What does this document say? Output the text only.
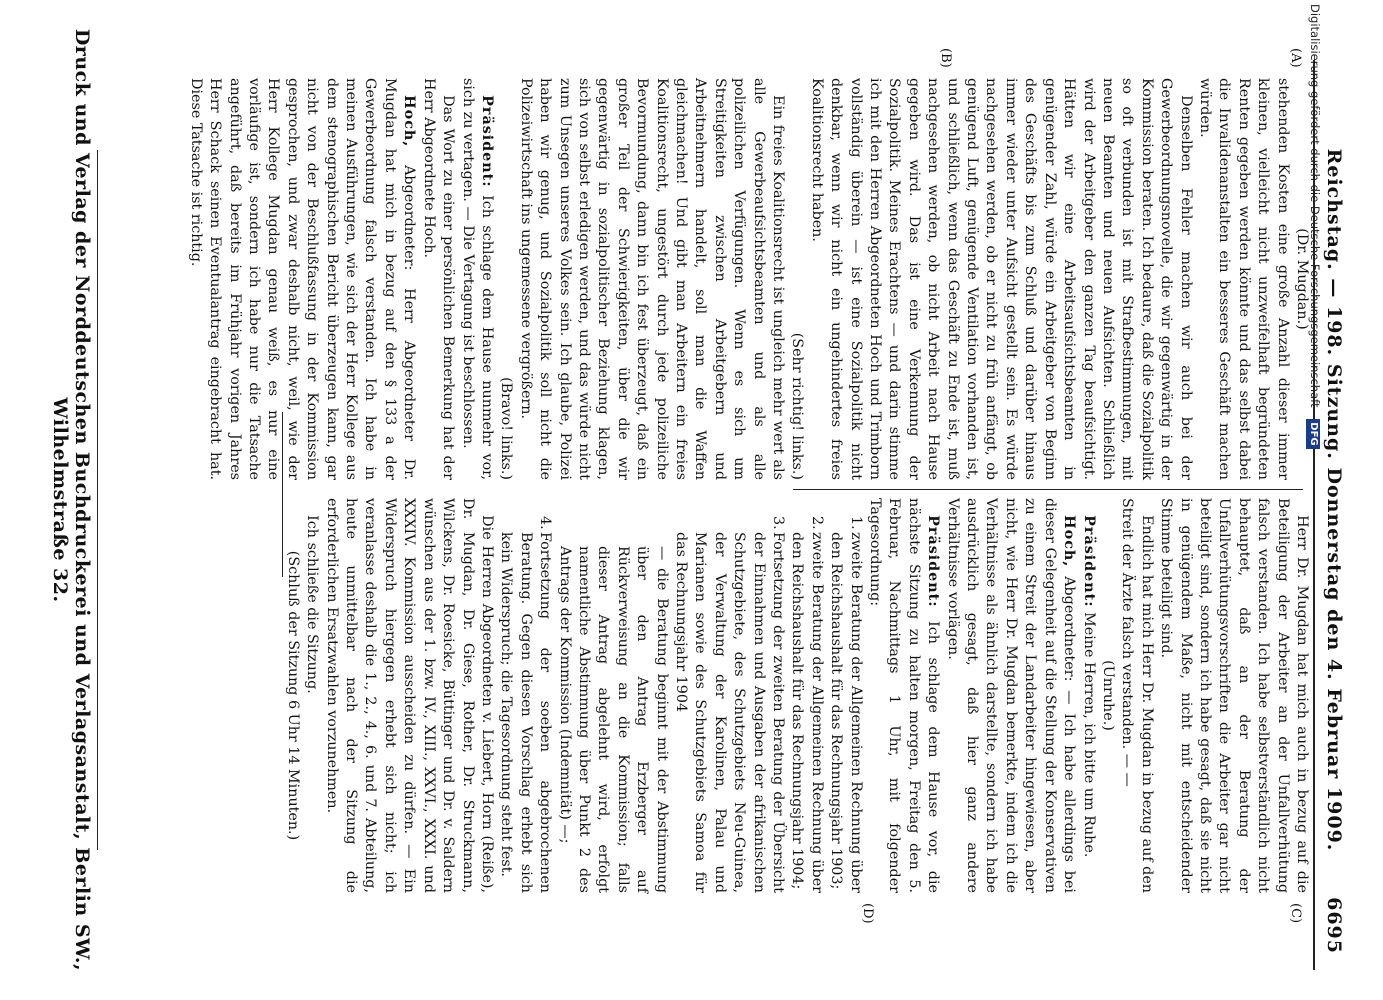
Reichstag. — 198. Sitzung. Donnerstag den 4. Februar 1909.
6695
(A)
(B)
(C)
(D)

(Dr. Mugdan.)

stehenden Kosten eine große Anzahl dieser immer kleinen, vielleicht nicht unzweifelhaft begründeten Renten gegeben werden könnte und das selbst dabei die Invalidenanstalten ein besseres Geschäft machen würden.

Denselben Fehler machen wir auch bei der Gewerbeordnungsnovelle, die wir gegenwärtig in der Kommission beraten. Ich bedaure, daß die Sozialpolitik so oft verbunden ist mit Strafbestimmungen, mit neuen Beamten und neuen Aufsichten. Schließlich wird der Arbeitgeber den ganzen Tag beaufsichtigt. Hätten wir eine Arbeitsaufsichtsbeamten in genügender Zahl, würde ein Arbeitgeber von Beginn des Geschäfts bis zum Schluß und darüber hinaus immer wieder unter Aufsicht gestellt sein. Es würde nachgesehen werden, ob er nicht zu früh anfängt, ob genügend Luft, genügende Ventilation vorhanden ist, und schließlich, wenn das Geschäft zu Ende ist, muß nachgesehen werden, ob nicht Arbeit nach Hause gegeben wird. Das ist eine Verkennung der Sozialpolitik. Meines Erachtens — und darin stimme ich mit den Herren Abgeordneten Hoch und Trimborn vollständig überein — ist eine Sozialpolitik nicht denkbar, wenn wir nicht ein ungehindertes freies Koalitionsrecht haben.

(Sehr richtig! links.)

Ein freies Koalitionsrecht ist ungleich mehr wert als alle Gewerbeaufsichtsbeamten und als alle polizeilichen Verfügungen. Wenn es sich um Streitigkeiten zwischen Arbeitgebern und Arbeitnehmern handelt, soll man die Waffen gleichmachen! Und gibt man Arbeitern ein freies Koalitionsrecht, ungestört durch jede polizeiliche Bevormundung, dann bin ich fest überzeugt, daß ein großer Teil der Schwierigkeiten, über die wir gegenwärtig in sozialpolitischer Beziehung klagen, sich von selbst erledigen werden, und das würde nicht zum Unsegen unseres Volkes sein. Ich glaube, Polizei haben wir genug, und Sozialpolitik soll nicht die Polizeiwirtschaft ins ungemessene vergrößern.

(Bravo! links.)

Präsident: Ich schlage dem Hause nunmehr vor, sich zu vertagen. — Die Vertagung ist beschlossen.

Das Wort zu einer persönlichen Bemerkung hat der Herr Abgeordnete Hoch.

Hoch, Abgeordneter: Herr Abgeordneter Dr. Mugdan hat mich in bezug auf den § 133 a der Gewerbeordnung falsch verstanden. Ich habe in meinen Ausführungen, wie sich der Herr Kollege aus dem stenographischen Bericht überzeugen kann, gar nicht von der Beschlußfassung in der Kommission gesprochen, und zwar deshalb nicht, weil, wie der Herr Kollege Mugdan genau weiß, es nur eine vorläufige ist, sondern ich habe nur die Tatsache angeführt, daß bereits im Frühjahr vorigen Jahres Herr Schack seinen Eventualantrag eingebracht hat. Diese Tatsache ist richtig.

Herr Dr. Mugdan hat mich auch in bezug auf die Beteiligung der Arbeiter an der Unfallverhütung falsch verstanden. Ich habe selbstverständlich nicht behauptet, daß an der Beratung der Unfallverhütungsvorschriften die Arbeiter gar nicht beteiligt sind, sondern ich habe gesagt, daß sie nicht in genügendem Maße, nicht mit entscheidender Stimme beteiligt sind.

Endlich hat mich Herr Dr. Mugdan in bezug auf den Streit der Ärzte falsch verstanden. — —

(Unruhe.)

Präsident: Meine Herren, ich bitte um Ruhe.

Hoch, Abgeordneter: — Ich habe allerdings bei dieser Gelegenheit auf die Stellung der Konservativen zu einem Streit der Landarbeiter hingewiesen, aber nicht, wie Herr Dr. Mugdan bemerkte, indem ich die Verhältnisse als ähnlich darstellte, sondern ich habe ausdrücklich gesagt, daß hier ganz andere Verhältnisse vorlägen.

Präsident: Ich schlage dem Hause vor, die nächste Sitzung zu halten morgen, Freitag den 5. Februar, Nachmittags 1 Uhr, mit folgender Tagesordnung:

1.
zweite Beratung der Allgemeinen Rechnung über den Reichshaushalt für das Rechnungsjahr 1903;
2.
zweite Beratung der Allgemeinen Rechnung über den Reichshaushalt für das Rechnungsjahr 1904;
3.
Fortsetzung der zweiten Beratung der Übersicht der Einnahmen und Ausgaben der afrikanischen Schutzgebiete, des Schutzgebiets Neu-Guinea, der Verwaltung der Karolinen, Palau und Marianen sowie des Schutzgebiets Samoa für das Rechnungsjahr 1904
— die Beratung beginnt mit der Abstimmung über den Antrag Erzberger auf Rückverweisung an die Kommission; falls dieser Antrag abgelehnt wird, erfolgt namentliche Abstimmung über Punkt 2 des Antrags der Kommission (Indemnität) —;
4.
Fortsetzung der soeben abgebrochenen Beratung. Gegen diesen Vorschlag erhebt sich kein Widerspruch; die Tagesordnung steht fest.

Die Herren Abgeordneten v. Liebert, Horn (Reiße), Dr. Mugdan, Dr. Giese, Rother, Dr. Struckmann, Wilckens, Dr. Roesicke, Büttinger und Dr. v. Saldern wünschen aus der 1. bzw. IV., XIII., XXVI., XXXI. und XXXIV. Kommission ausscheiden zu dürfen. — Ein Widerspruch hiergegen erhebt sich nicht; ich veranlasse deshalb die 1., 2., 4., 6. und 7. Abteilung, heute unmittelbar nach der Sitzung die erforderlichen Ersatzwahlen vorzunehmen.

Ich schließe die Sitzung.

(Schluß der Sitzung 6 Uhr 14 Minuten.)

Druck und Verlag der Norddeutschen Buchdruckerei und Verlagsanstalt, Berlin SW., Wilhelmstraße 32.
Digitalisierung gefördert durch die Deutsche Forschungsgemeinschaft -DFG
